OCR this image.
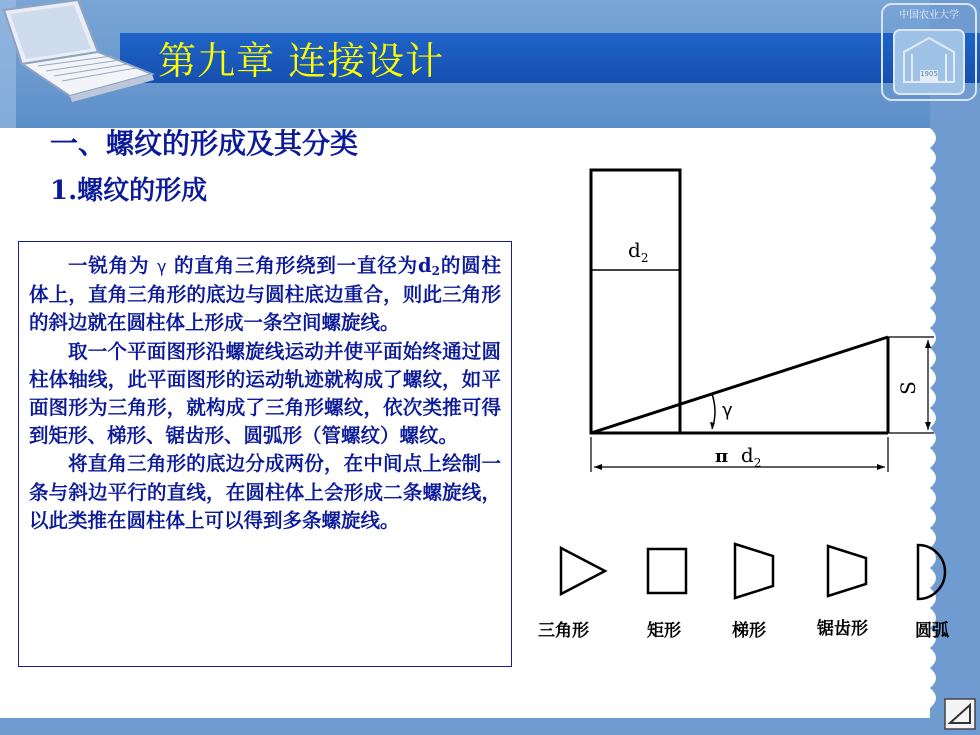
中国农业大学
1905
第九章 连接设计
一、螺纹的形成及其分类
1.螺纹的形成

一锐角为 γ 的直角三角形绕到一直径为$d_2$的圆柱体上，直角三角形的底边与圆柱底边重合，则此三角形的斜边就在圆柱体上形成一条空间螺旋线。

取一个平面图形沿螺旋线运动并使平面始终通过圆柱体轴线，此平面图形的运动轨迹就构成了螺纹，如平面图形为三角形，就构成了三角形螺纹，依次类推可得到矩形、梯形、锯齿形、圆弧形（管螺纹）螺纹。

将直角三角形的底边分成两份，在中间点上绘制一条与斜边平行的直线，在圆柱体上会形成二条螺旋线，以此类推在圆柱体上可以得到多条螺旋线。

$d_2$
S
γ
π $d_2$
三角形	矩形	梯形	锯齿形	圆弧
